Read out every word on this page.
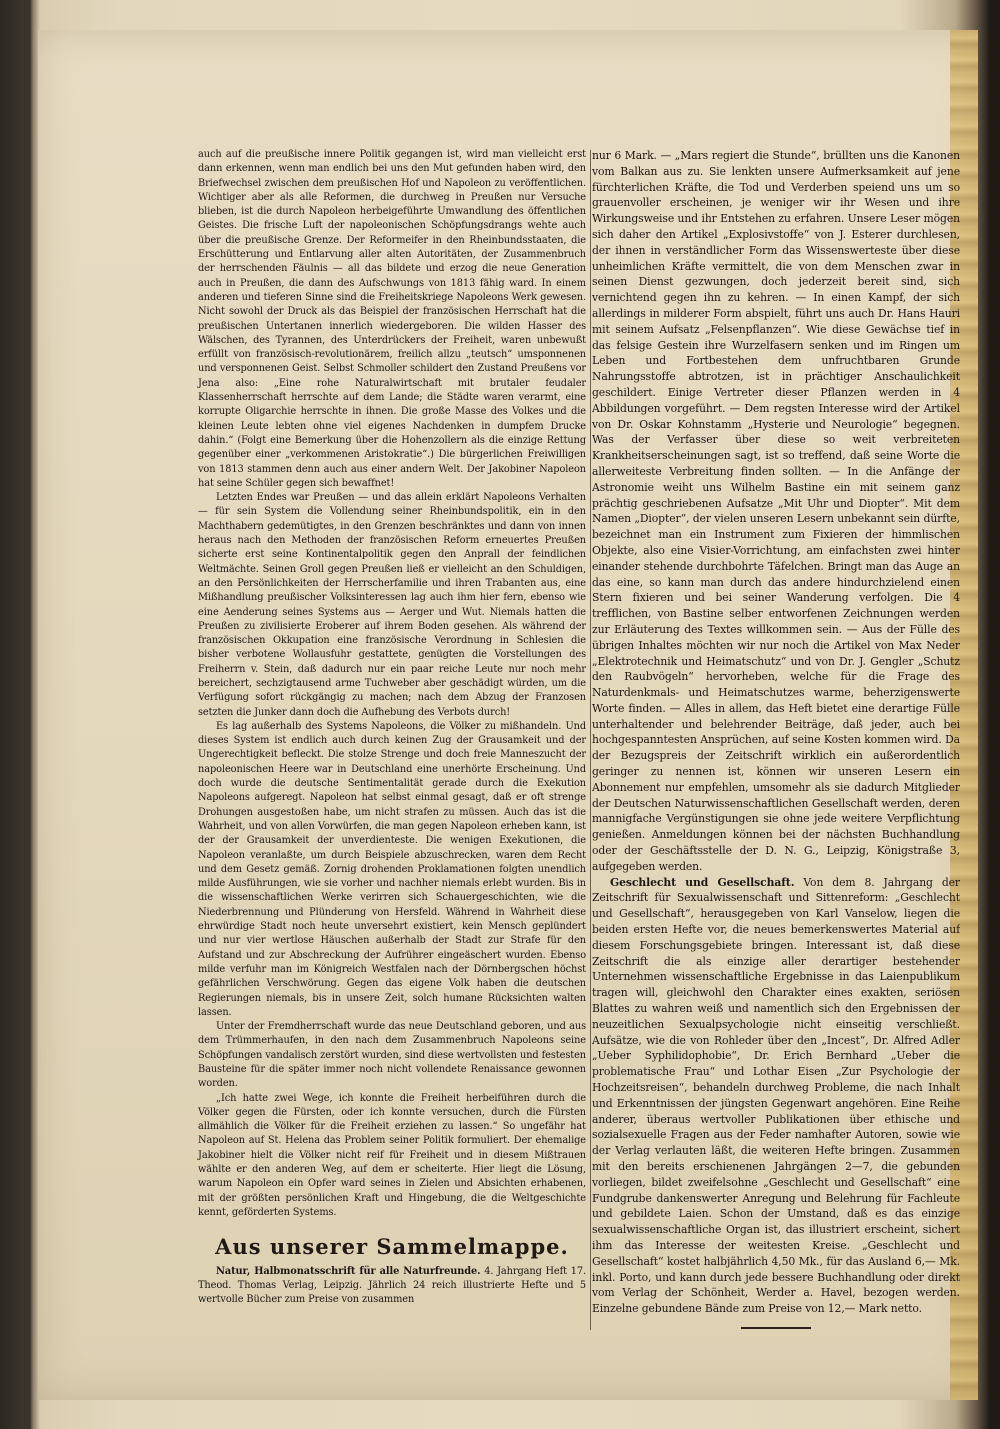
auch auf die preußische innere Politik gegangen ist, wird man vielleicht erst dann erkennen, wenn man endlich bei uns den Mut gefunden haben wird, den Briefwechsel zwischen dem preußischen Hof und Napoleon zu veröffentlichen. Wichtiger aber als alle Reformen, die durchweg in Preußen nur Versuche blieben, ist die durch Napoleon herbeigeführte Umwandlung des öffentlichen Geistes. Die frische Luft der napoleonischen Schöpfungsdrangs wehte auch über die preußische Grenze. Der Reformeifer in den Rheinbundsstaaten, die Erschütterung und Entlarvung aller alten Autoritäten, der Zusammenbruch der herrschenden Fäulnis — all das bildete und erzog die neue Generation auch in Preußen, die dann des Aufschwungs von 1813 fähig ward. In einem anderen und tieferen Sinne sind die Freiheitskriege Napoleons Werk gewesen. Nicht sowohl der Druck als das Beispiel der französischen Herrschaft hat die preußischen Untertanen innerlich wiedergeboren. Die wilden Hasser des Wälschen, des Tyrannen, des Unterdrückers der Freiheit, waren unbewußt erfüllt von französisch-revolutionärem, freilich allzu „teutsch“ umsponnenen und versponnenen Geist. Selbst Schmoller schildert den Zustand Preußens vor Jena also: „Eine rohe Naturalwirtschaft mit brutaler feudaler Klassenherrschaft herrschte auf dem Lande; die Städte waren verarmt, eine korrupte Oligarchie herrschte in ihnen. Die große Masse des Volkes und die kleinen Leute lebten ohne viel eigenes Nachdenken in dumpfem Drucke dahin.“ (Folgt eine Bemerkung über die Hohenzollern als die einzige Rettung gegenüber einer „verkommenen Aristokratie“.) Die bürgerlichen Freiwilligen von 1813 stammen denn auch aus einer andern Welt. Der Jakobiner Napoleon hat seine Schüler gegen sich bewaffnet!

Letzten Endes war Preußen — und das allein erklärt Napoleons Verhalten — für sein System die Vollendung seiner Rheinbundspolitik, ein in den Machthabern gedemütigtes, in den Grenzen beschränktes und dann von innen heraus nach den Methoden der französischen Reform erneuertes Preußen sicherte erst seine Kontinentalpolitik gegen den Anprall der feindlichen Weltmächte. Seinen Groll gegen Preußen ließ er vielleicht an den Schuldigen, an den Persönlichkeiten der Herrscherfamilie und ihren Trabanten aus, eine Mißhandlung preußischer Volksinteressen lag auch ihm hier fern, ebenso wie eine Aenderung seines Systems aus — Aerger und Wut. Niemals hatten die Preußen zu zivilisierte Eroberer auf ihrem Boden gesehen. Als während der französischen Okkupation eine französische Verordnung in Schlesien die bisher verbotene Wollausfuhr gestattete, genügten die Vorstellungen des Freiherrn v. Stein, daß dadurch nur ein paar reiche Leute nur noch mehr bereichert, sechzigtausend arme Tuchweber aber geschädigt würden, um die Verfügung sofort rückgängig zu machen; nach dem Abzug der Franzosen setzten die Junker dann doch die Aufhebung des Verbots durch!

Es lag außerhalb des Systems Napoleons, die Völker zu mißhandeln. Und dieses System ist endlich auch durch keinen Zug der Grausamkeit und der Ungerechtigkeit befleckt. Die stolze Strenge und doch freie Manneszucht der napoleonischen Heere war in Deutschland eine unerhörte Erscheinung. Und doch wurde die deutsche Sentimentalität gerade durch die Exekution Napoleons aufgeregt. Napoleon hat selbst einmal gesagt, daß er oft strenge Drohungen ausgestoßen habe, um nicht strafen zu müssen. Auch das ist die Wahrheit, und von allen Vorwürfen, die man gegen Napoleon erheben kann, ist der der Grausamkeit der unverdienteste. Die wenigen Exekutionen, die Napoleon veranlaßte, um durch Beispiele abzuschrecken, waren dem Recht und dem Gesetz gemäß. Zornig drohenden Proklamationen folgten unendlich milde Ausführungen, wie sie vorher und nachher niemals erlebt wurden. Bis in die wissenschaftlichen Werke verirren sich Schauergeschichten, wie die Niederbrennung und Plünderung von Hersfeld. Während in Wahrheit diese ehrwürdige Stadt noch heute unversehrt existiert, kein Mensch geplündert und nur vier wertlose Häuschen außerhalb der Stadt zur Strafe für den Aufstand und zur Abschreckung der Aufrührer eingeäschert wurden. Ebenso milde verfuhr man im Königreich Westfalen nach der Dörnbergschen höchst gefährlichen Verschwörung. Gegen das eigene Volk haben die deutschen Regierungen niemals, bis in unsere Zeit, solch humane Rücksichten walten lassen.

Unter der Fremdherrschaft wurde das neue Deutschland geboren, und aus dem Trümmerhaufen, in den nach dem Zusammenbruch Napoleons seine Schöpfungen vandalisch zerstört wurden, sind diese wertvollsten und festesten Bausteine für die später immer noch nicht vollendete Renaissance gewonnen worden.

„Ich hatte zwei Wege, ich konnte die Freiheit herbeiführen durch die Völker gegen die Fürsten, oder ich konnte versuchen, durch die Fürsten allmählich die Völker für die Freiheit erziehen zu lassen.“ So ungefähr hat Napoleon auf St. Helena das Problem seiner Politik formuliert. Der ehemalige Jakobiner hielt die Völker nicht reif für Freiheit und in diesem Mißtrauen wählte er den anderen Weg, auf dem er scheiterte. Hier liegt die Lösung, warum Napoleon ein Opfer ward seines in Zielen und Absichten erhabenen, mit der größten persönlichen Kraft und Hingebung, die die Weltgeschichte kennt, geförderten Systems.

Aus unserer Sammelmappe.

Natur, Halbmonatsschrift für alle Naturfreunde. 4. Jahrgang Heft 17. Theod. Thomas Verlag, Leipzig. Jährlich 24 reich illustrierte Hefte und 5 wertvolle Bücher zum Preise von zusammen

nur 6 Mark. — „Mars regiert die Stunde“, brüllten uns die Kanonen vom Balkan aus zu. Sie lenkten unsere Aufmerksamkeit auf jene fürchterlichen Kräfte, die Tod und Verderben speiend uns um so grauenvoller erscheinen, je weniger wir ihr Wesen und ihre Wirkungsweise und ihr Entstehen zu erfahren. Unsere Leser mögen sich daher den Artikel „Explosivstoffe“ von J. Esterer durchlesen, der ihnen in verständlicher Form das Wissenswerteste über diese unheimlichen Kräfte vermittelt, die von dem Menschen zwar in seinen Dienst gezwungen, doch jederzeit bereit sind, sich vernichtend gegen ihn zu kehren. — In einen Kampf, der sich allerdings in milderer Form abspielt, führt uns auch Dr. Hans Hauri mit seinem Aufsatz „Felsenpflanzen“. Wie diese Gewächse tief in das felsige Gestein ihre Wurzelfasern senken und im Ringen um Leben und Fortbestehen dem unfruchtbaren Grunde Nahrungsstoffe abtrotzen, ist in prächtiger Anschaulichkeit geschildert. Einige Vertreter dieser Pflanzen werden in 4 Abbildungen vorgeführt. — Dem regsten Interesse wird der Artikel von Dr. Oskar Kohnstamm „Hysterie und Neurologie“ begegnen. Was der Verfasser über diese so weit verbreiteten Krankheitserscheinungen sagt, ist so treffend, daß seine Worte die allerweiteste Verbreitung finden sollten. — In die Anfänge der Astronomie weiht uns Wilhelm Bastine ein mit seinem ganz prächtig geschriebenen Aufsatze „Mit Uhr und Diopter“. Mit dem Namen „Diopter“, der vielen unseren Lesern unbekannt sein dürfte, bezeichnet man ein Instrument zum Fixieren der himmlischen Objekte, also eine Visier-Vorrichtung, am einfachsten zwei hinter einander stehende durchbohrte Täfelchen. Bringt man das Auge an das eine, so kann man durch das andere hindurchzielend einen Stern fixieren und bei seiner Wanderung verfolgen. Die 4 trefflichen, von Bastine selber entworfenen Zeichnungen werden zur Erläuterung des Textes willkommen sein. — Aus der Fülle des übrigen Inhaltes möchten wir nur noch die Artikel von Max Neder „Elektrotechnik und Heimatschutz“ und von Dr. J. Gengler „Schutz den Raubvögeln“ hervorheben, welche für die Frage des Naturdenkmals- und Heimatschutzes warme, beherzigenswerte Worte finden. — Alles in allem, das Heft bietet eine derartige Fülle unterhaltender und belehrender Beiträge, daß jeder, auch bei hochgespanntesten Ansprüchen, auf seine Kosten kommen wird. Da der Bezugspreis der Zeitschrift wirklich ein außerordentlich geringer zu nennen ist, können wir unseren Lesern ein Abonnement nur empfehlen, umsomehr als sie dadurch Mitglieder der Deutschen Naturwissenschaftlichen Gesellschaft werden, deren mannigfache Vergünstigungen sie ohne jede weitere Verpflichtung genießen. Anmeldungen können bei der nächsten Buchhandlung oder der Geschäftsstelle der D. N. G., Leipzig, Königstraße 3, aufgegeben werden.

Geschlecht und Gesellschaft. Von dem 8. Jahrgang der Zeitschrift für Sexualwissenschaft und Sittenreform: „Geschlecht und Gesellschaft“, herausgegeben von Karl Vanselow, liegen die beiden ersten Hefte vor, die neues bemerkenswertes Material auf diesem Forschungsgebiete bringen. Interessant ist, daß diese Zeitschrift die als einzige aller derartiger bestehender Unternehmen wissenschaftliche Ergebnisse in das Laienpublikum tragen will, gleichwohl den Charakter eines exakten, seriösen Blattes zu wahren weiß und namentlich sich den Ergebnissen der neuzeitlichen Sexualpsychologie nicht einseitig verschließt. Aufsätze, wie die von Rohleder über den „Incest“, Dr. Alfred Adler „Ueber Syphilidophobie“, Dr. Erich Bernhard „Ueber die problematische Frau“ und Lothar Eisen „Zur Psychologie der Hochzeitsreisen“, behandeln durchweg Probleme, die nach Inhalt und Erkenntnissen der jüngsten Gegenwart angehören. Eine Reihe anderer, überaus wertvoller Publikationen über ethische und sozialsexuelle Fragen aus der Feder namhafter Autoren, sowie wie der Verlag verlauten läßt, die weiteren Hefte bringen. Zusammen mit den bereits erschienenen Jahrgängen 2—7, die gebunden vorliegen, bildet zweifelsohne „Geschlecht und Gesellschaft“ eine Fundgrube dankenswerter Anregung und Belehrung für Fachleute und gebildete Laien. Schon der Umstand, daß es das einzige sexualwissenschaftliche Organ ist, das illustriert erscheint, sichert ihm das Interesse der weitesten Kreise. „Geschlecht und Gesellschaft“ kostet halbjährlich 4,50 Mk., für das Ausland 6,— Mk. inkl. Porto, und kann durch jede bessere Buchhandlung oder direkt vom Verlag der Schönheit, Werder a. Havel, bezogen werden. Einzelne gebundene Bände zum Preise von 12,— Mark netto.
